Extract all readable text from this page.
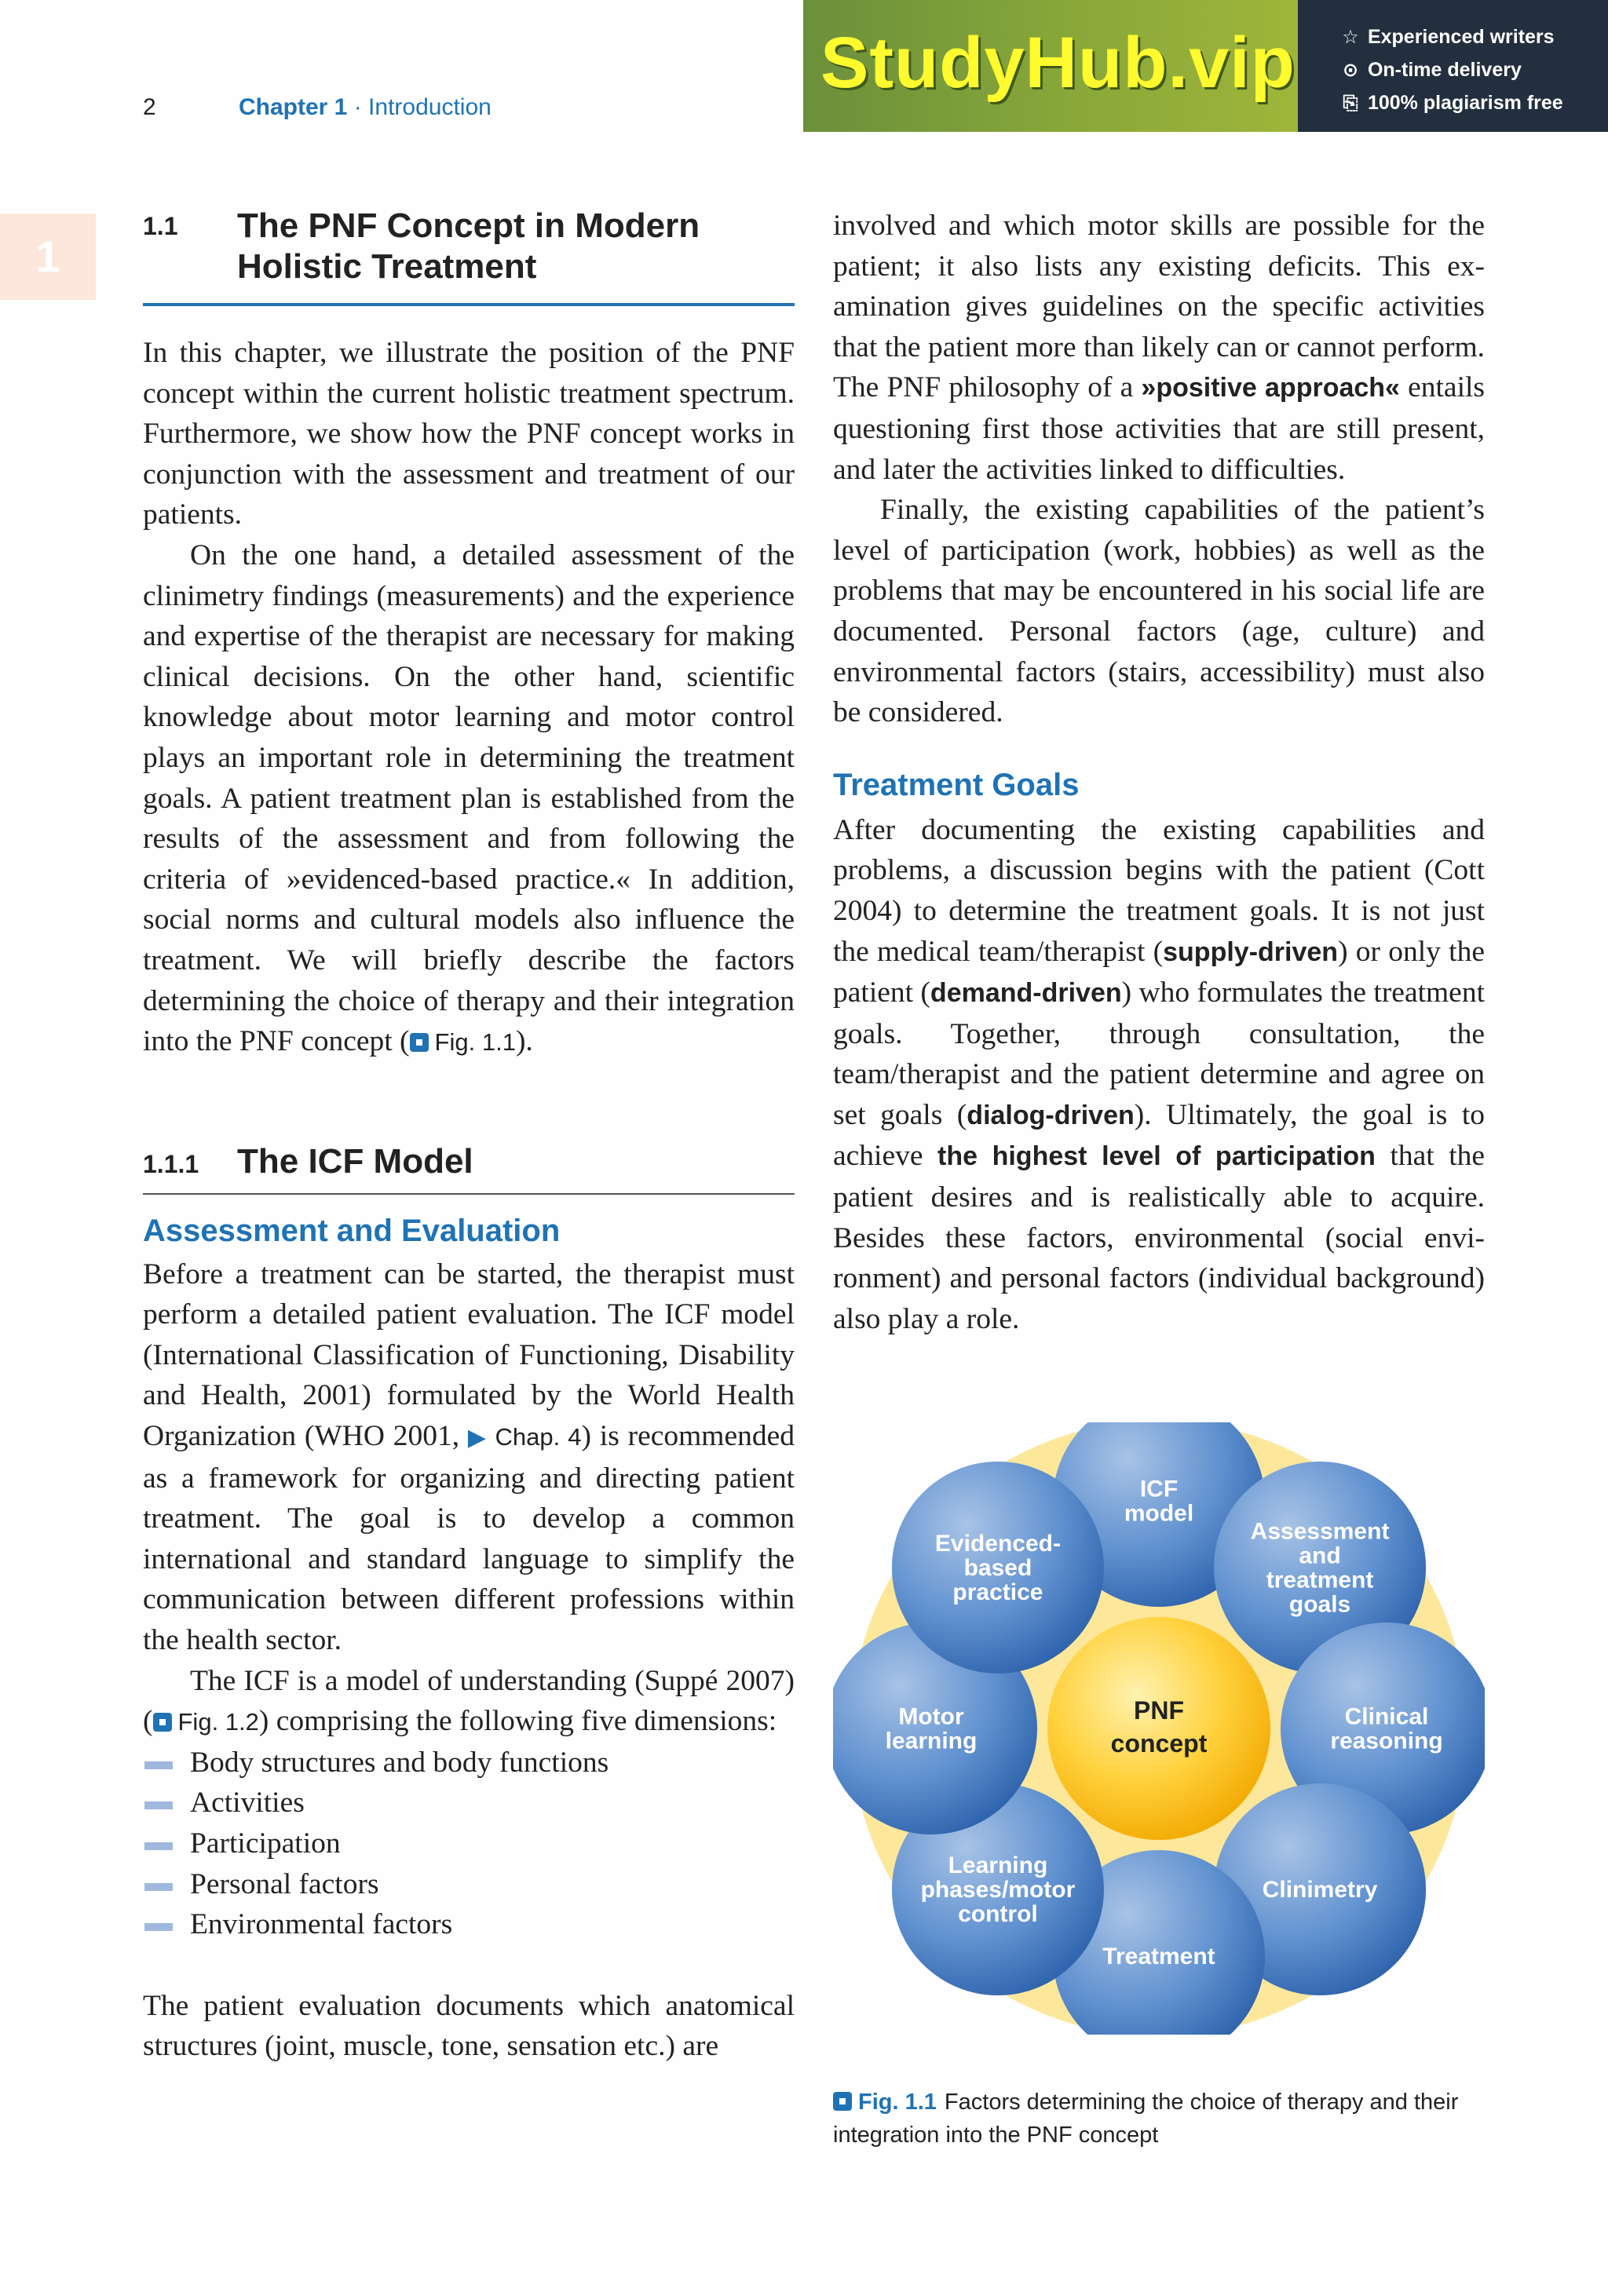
2	Chapter 1 · Introduction
StudyHub.vip ☆ Experienced writers
⊙ On-time delivery
⎘ 100% plagiarism free
1
1.1	The PNF Concept in Modern
Holistic Treatment

In this chapter, we illustrate the position of the PNF concept within the current holistic treatment spectrum. Furthermore, we show how the PNF concept works in conjunction with the assessment and treatment of our patients.

On the one hand, a detailed assessment of the clinimetry findings (measurements) and the experience and expertise of the therapist are necessary for making clinical decisions. On the other hand, scientific knowledge about motor learning and motor control plays an important role in determining the treatment goals. A patient treatment plan is established from the results of the assessment and from following the criteria of »evidenced-based practice.« In addition, social norms and cultural models also influence the treatment. We will briefly describe the factors determining the choice of therapy and their integration into the PNF concept ( Fig. 1.1).

1.1.1	The ICF Model

Assessment and Evaluation

Before a treatment can be started, the therapist must perform a detailed patient evaluation. The ICF model (International Classification of Functioning, Disability and Health, 2001) formulated by the World Health Organization (WHO 2001, ▶ Chap. 4) is recommended as a framework for organizing and directing patient treatment. The goal is to develop a common international and standard language to simplify the communication between different professions within the health sector.

The ICF is a model of understanding (Suppé 2007) ( Fig. 1.2) comprising the following five dimensions:

Body structures and body functions
Activities
Participation
Personal factors
Environmental factors

The patient evaluation documents which anatomical structures (joint, muscle, tone, sensation etc.) are

involved and which motor skills are possible for the patient; it also lists any existing deficits. This examination gives guidelines on the specific activities that the patient more than likely can or cannot perform. The PNF philosophy of a »positive approach« entails questioning first those activities that are still present, and later the activities linked to difficulties.

Finally, the existing capabilities of the patient’s level of participation (work, hobbies) as well as the problems that may be encountered in his social life are documented. Personal factors (age, culture) and environmental factors (stairs, accessibility) must also be considered.

Treatment Goals

After documenting the existing capabilities and problems, a discussion begins with the patient (Cott 2004) to determine the treatment goals. It is not just the medical team/therapist (supply-driven) or only the patient (demand-driven) who formulates the treatment goals. Together, through consultation, the team/therapist and the patient determine and agree on set goals (dialog-driven). Ultimately, the goal is to achieve the highest level of participation that the patient desires and is realistically able to acquire. Besides these factors, environmental (social environment) and personal factors (individual background) also play a role.

ICF
model
Assessment
and
treatment
goals
Clinical
reasoning
Clinimetry
Treatment
Learning
phases/motor
control
Motor
learning
Evidenced-
based
practice
PNF
concept
Fig. 1.1 Factors determining the choice of therapy and their integration into the PNF concept
